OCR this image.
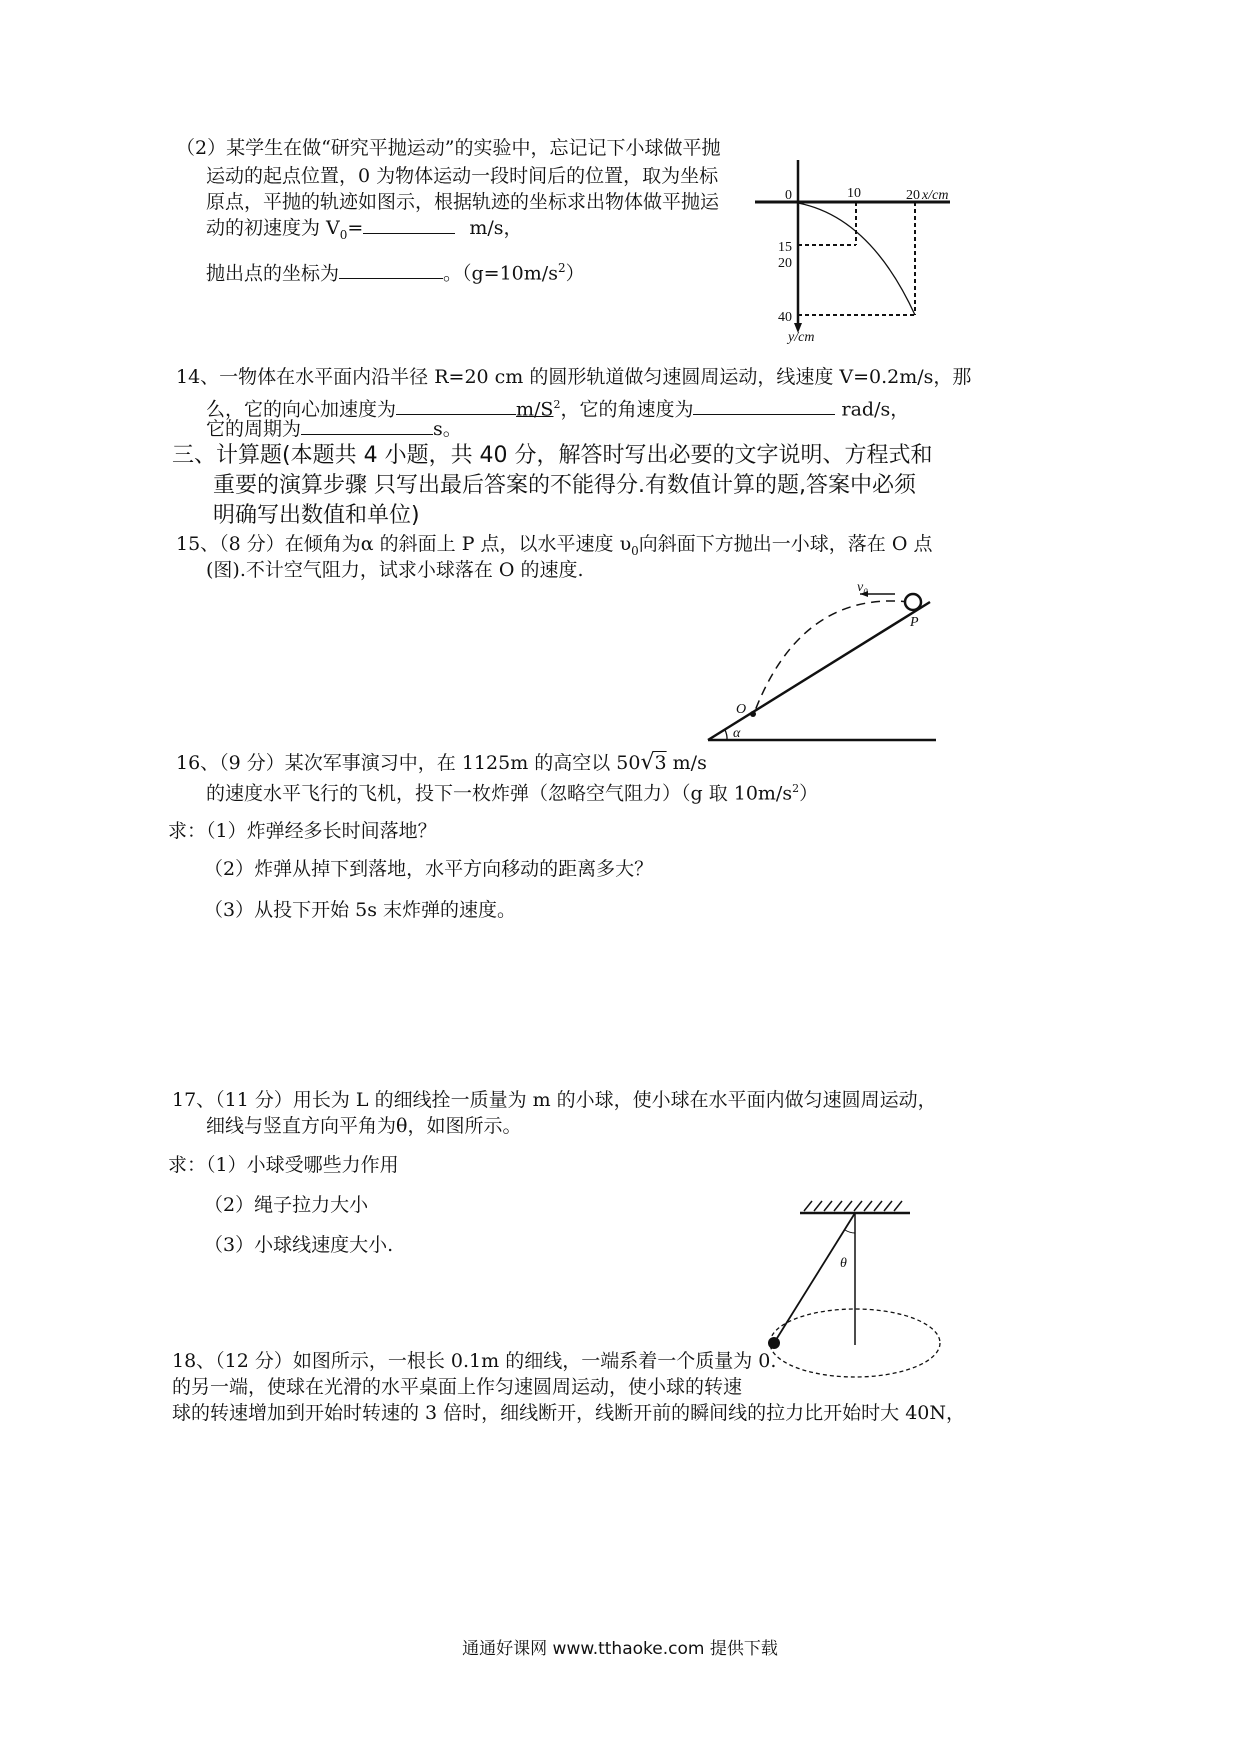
（2）某学生在做“研究平抛运动”的实验中，忘记记下小球做平抛
运动的起点位置，0 为物体运动一段时间后的位置，取为坐标
原点，平抛的轨迹如图示，根据轨迹的坐标求出物体做平抛运
动的初速度为 $V_0=$	m/s，
抛出点的坐标为	。$(g=10m/s^2)$
0	10	20 x/cm
15
20
40
y/cm
14、一物体在水平面内沿半径 R=20 cm 的圆形轨道做匀速圆周运动，线速度 V=0.2m/s，那
么，它的向心加速度为	$m/S^2$，它的角速度为	rad/s，
它的周期为	s。
三、计算题(本题共 4 小题，共 40 分，解答时写出必要的文字说明、方程式和
重要的演算步骤 只写出最后答案的不能得分.有数值计算的题,答案中必须
明确写出数值和单位)
15、（8 分）在倾角为α 的斜面上 P 点，以水平速度 $\upsilon_0$向斜面下方抛出一小球，落在 O 点
(图).不计空气阻力，试求小球落在 O 的速度.
v₀
P
O
α
16、（9 分）某次军事演习中，在 1125m 的高空以 50√3 m/s
的速度水平飞行的飞机，投下一枚炸弹（忽略空气阻力）（g 取 $10m/s^2$）
求：（1）炸弹经多长时间落地？
（2）炸弹从掉下到落地，水平方向移动的距离多大？
（3）从投下开始 5s 末炸弹的速度。
17、（11 分）用长为 L 的细线拴一质量为 m 的小球，使小球在水平面内做匀速圆周运动，
细线与竖直方向平角为θ，如图所示。
求：（1）小球受哪些力作用
（2）绳子拉力大小
（3）小球线速度大小.
θ
18、（12 分）如图所示，一根长 0.1m 的细线，一端系着一个质量为 0.
的另一端，使球在光滑的水平桌面上作匀速圆周运动，使小球的转速
球的转速增加到开始时转速的 3 倍时，细线断开，线断开前的瞬间线的拉力比开始时大 40N，
通通好课网 www.tthaoke.com 提供下载
